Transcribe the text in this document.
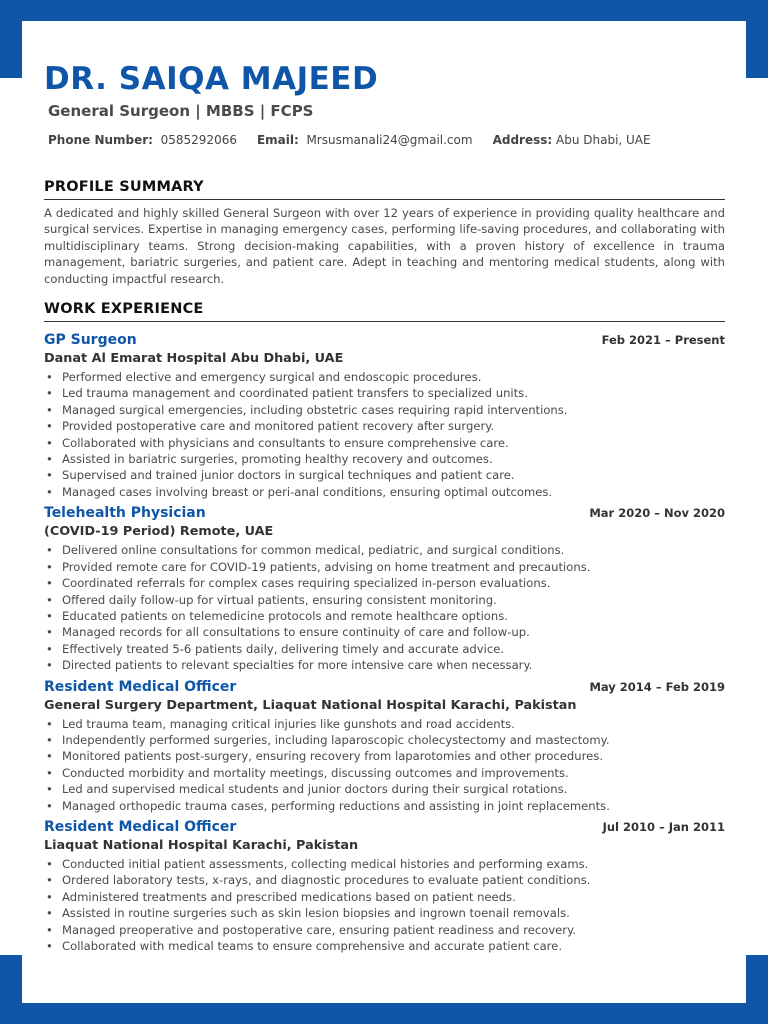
DR. SAIQA MAJEED
General Surgeon | MBBS | FCPS
Phone Number: 0585292066 Email: Mrsusmanali24@gmail.com Address: Abu Dhabi, UAE
PROFILE SUMMARY
A dedicated and highly skilled General Surgeon with over 12 years of experience in providing quality healthcare and surgical services. Expertise in managing emergency cases, performing life-saving procedures, and collaborating with multidisciplinary teams. Strong decision-making capabilities, with a proven history of excellence in trauma management, bariatric surgeries, and patient care. Adept in teaching and mentoring medical students, along with conducting impactful research.
WORK EXPERIENCE
GP Surgeon	Feb 2021 – Present
Danat Al Emarat Hospital Abu Dhabi, UAE
• Performed elective and emergency surgical and endoscopic procedures.
• Led trauma management and coordinated patient transfers to specialized units.
• Managed surgical emergencies, including obstetric cases requiring rapid interventions.
• Provided postoperative care and monitored patient recovery after surgery.
• Collaborated with physicians and consultants to ensure comprehensive care.
• Assisted in bariatric surgeries, promoting healthy recovery and outcomes.
• Supervised and trained junior doctors in surgical techniques and patient care.
• Managed cases involving breast or peri-anal conditions, ensuring optimal outcomes.
Telehealth Physician	Mar 2020 – Nov 2020
(COVID-19 Period) Remote, UAE
• Delivered online consultations for common medical, pediatric, and surgical conditions.
• Provided remote care for COVID-19 patients, advising on home treatment and precautions.
• Coordinated referrals for complex cases requiring specialized in-person evaluations.
• Offered daily follow-up for virtual patients, ensuring consistent monitoring.
• Educated patients on telemedicine protocols and remote healthcare options.
• Managed records for all consultations to ensure continuity of care and follow-up.
• Effectively treated 5-6 patients daily, delivering timely and accurate advice.
• Directed patients to relevant specialties for more intensive care when necessary.
Resident Medical Officer	May 2014 – Feb 2019
General Surgery Department, Liaquat National Hospital Karachi, Pakistan
• Led trauma team, managing critical injuries like gunshots and road accidents.
• Independently performed surgeries, including laparoscopic cholecystectomy and mastectomy.
• Monitored patients post-surgery, ensuring recovery from laparotomies and other procedures.
• Conducted morbidity and mortality meetings, discussing outcomes and improvements.
• Led and supervised medical students and junior doctors during their surgical rotations.
• Managed orthopedic trauma cases, performing reductions and assisting in joint replacements.
Resident Medical Officer	Jul 2010 – Jan 2011
Liaquat National Hospital Karachi, Pakistan
• Conducted initial patient assessments, collecting medical histories and performing exams.
• Ordered laboratory tests, x-rays, and diagnostic procedures to evaluate patient conditions.
• Administered treatments and prescribed medications based on patient needs.
• Assisted in routine surgeries such as skin lesion biopsies and ingrown toenail removals.
• Managed preoperative and postoperative care, ensuring patient readiness and recovery.
• Collaborated with medical teams to ensure comprehensive and accurate patient care.
